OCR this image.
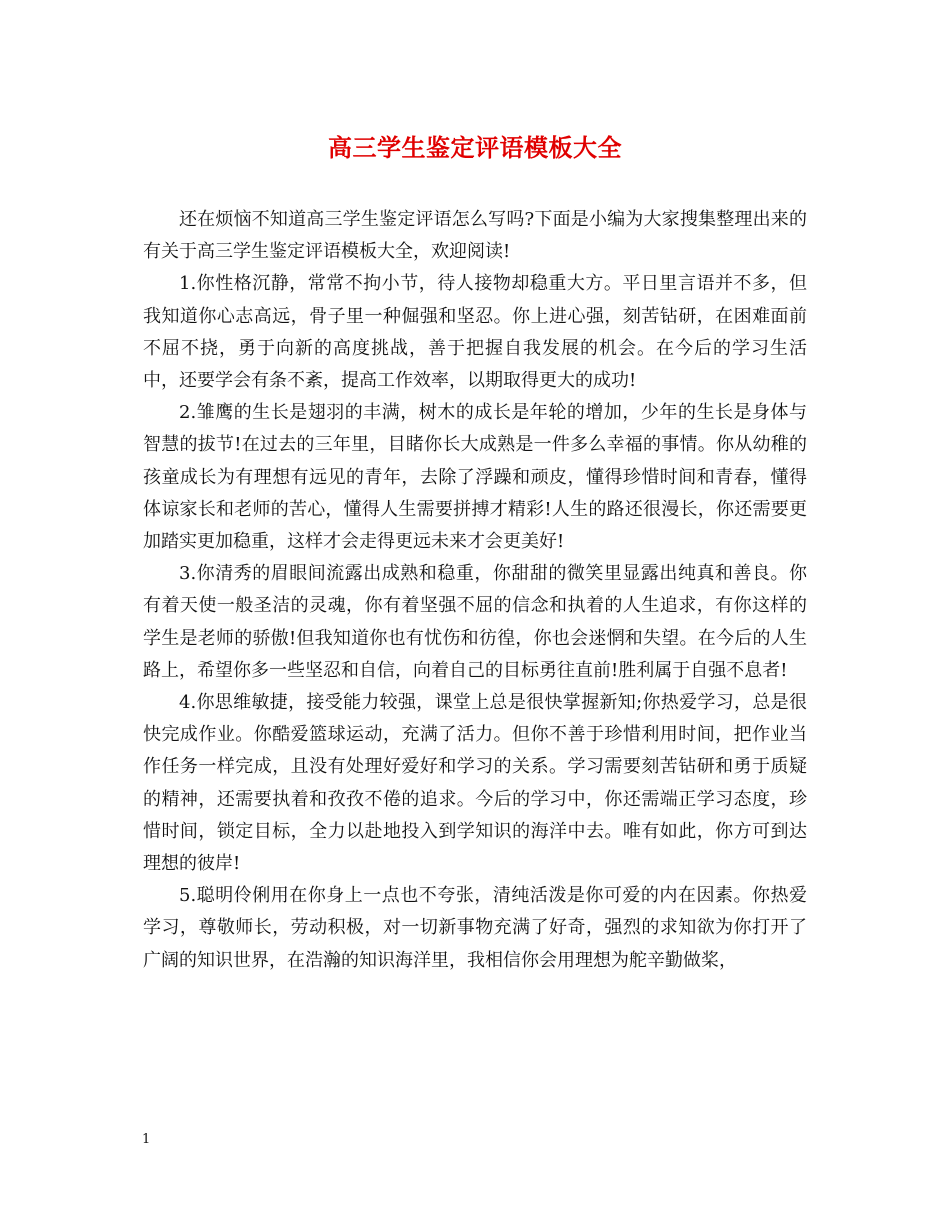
高三学生鉴定评语模板大全

还在烦恼不知道高三学生鉴定评语怎么写吗?下面是小编为大家搜集整理出来的有关于高三学生鉴定评语模板大全，欢迎阅读!

1.你性格沉静，常常不拘小节，待人接物却稳重大方。平日里言语并不多，但我知道你心志高远，骨子里一种倔强和坚忍。你上进心强，刻苦钻研，在困难面前不屈不挠，勇于向新的高度挑战，善于把握自我发展的机会。在今后的学习生活中，还要学会有条不紊，提高工作效率，以期取得更大的成功!

2.雏鹰的生长是翅羽的丰满，树木的成长是年轮的增加，少年的生长是身体与智慧的拔节!在过去的三年里，目睹你长大成熟是一件多么幸福的事情。你从幼稚的孩童成长为有理想有远见的青年，去除了浮躁和顽皮，懂得珍惜时间和青春，懂得体谅家长和老师的苦心，懂得人生需要拼搏才精彩!人生的路还很漫长，你还需要更加踏实更加稳重，这样才会走得更远未来才会更美好!

3.你清秀的眉眼间流露出成熟和稳重，你甜甜的微笑里显露出纯真和善良。你有着天使一般圣洁的灵魂，你有着坚强不屈的信念和执着的人生追求，有你这样的学生是老师的骄傲!但我知道你也有忧伤和彷徨，你也会迷惘和失望。在今后的人生路上，希望你多一些坚忍和自信，向着自己的目标勇往直前!胜利属于自强不息者!

4.你思维敏捷，接受能力较强，课堂上总是很快掌握新知;你热爱学习，总是很快完成作业。你酷爱篮球运动，充满了活力。但你不善于珍惜利用时间，把作业当作任务一样完成，且没有处理好爱好和学习的关系。学习需要刻苦钻研和勇于质疑的精神，还需要执着和孜孜不倦的追求。今后的学习中，你还需端正学习态度，珍惜时间，锁定目标，全力以赴地投入到学知识的海洋中去。唯有如此，你方可到达理想的彼岸!

5.聪明伶俐用在你身上一点也不夸张，清纯活泼是你可爱的内在因素。你热爱学习，尊敬师长，劳动积极，对一切新事物充满了好奇，强烈的求知欲为你打开了广阔的知识世界，在浩瀚的知识海洋里，我相信你会用理想为舵辛勤做桨，

1
